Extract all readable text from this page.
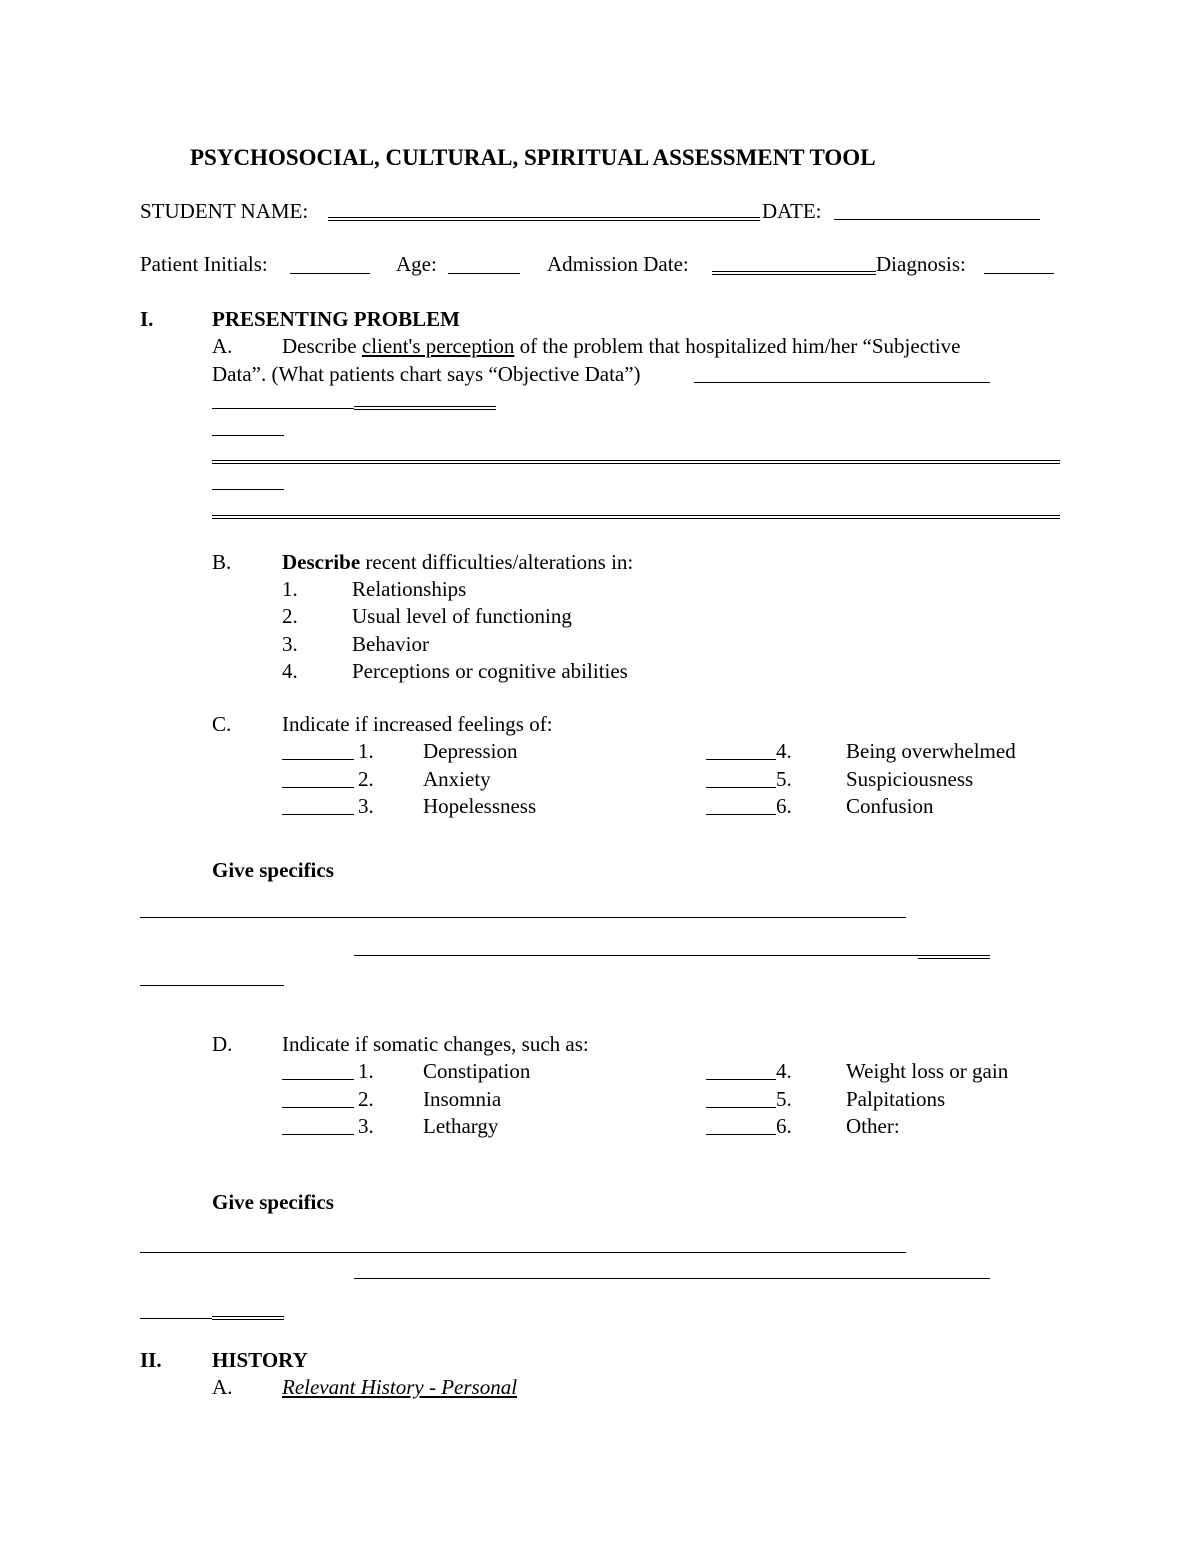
PSYCHOSOCIAL, CULTURAL, SPIRITUAL ASSESSMENT TOOL
STUDENT NAME:	DATE:
Patient Initials:	Age:	Admission Date:	Diagnosis:
I.	PRESENTING PROBLEM
A. Describe client's perception of the problem that hospitalized him/her “Subjective
Data”. (What patients chart says “Objective Data”)
B. Describe recent difficulties/alterations in:
1.	Relationships
2.	Usual level of functioning
3.	Behavior
4.	Perceptions or cognitive abilities
C. Indicate if increased feelings of:
1. Depression	4.	Being overwhelmed
2. Anxiety	5.	Suspiciousness
3. Hopelessness	6.	Confusion
Give specifics
D. Indicate if somatic changes, such as:
1. Constipation	4.	Weight loss or gain
2. Insomnia	5.	Palpitations
3. Lethargy	6.	Other:
Give specifics
II. HISTORY
A. Relevant History - Personal
